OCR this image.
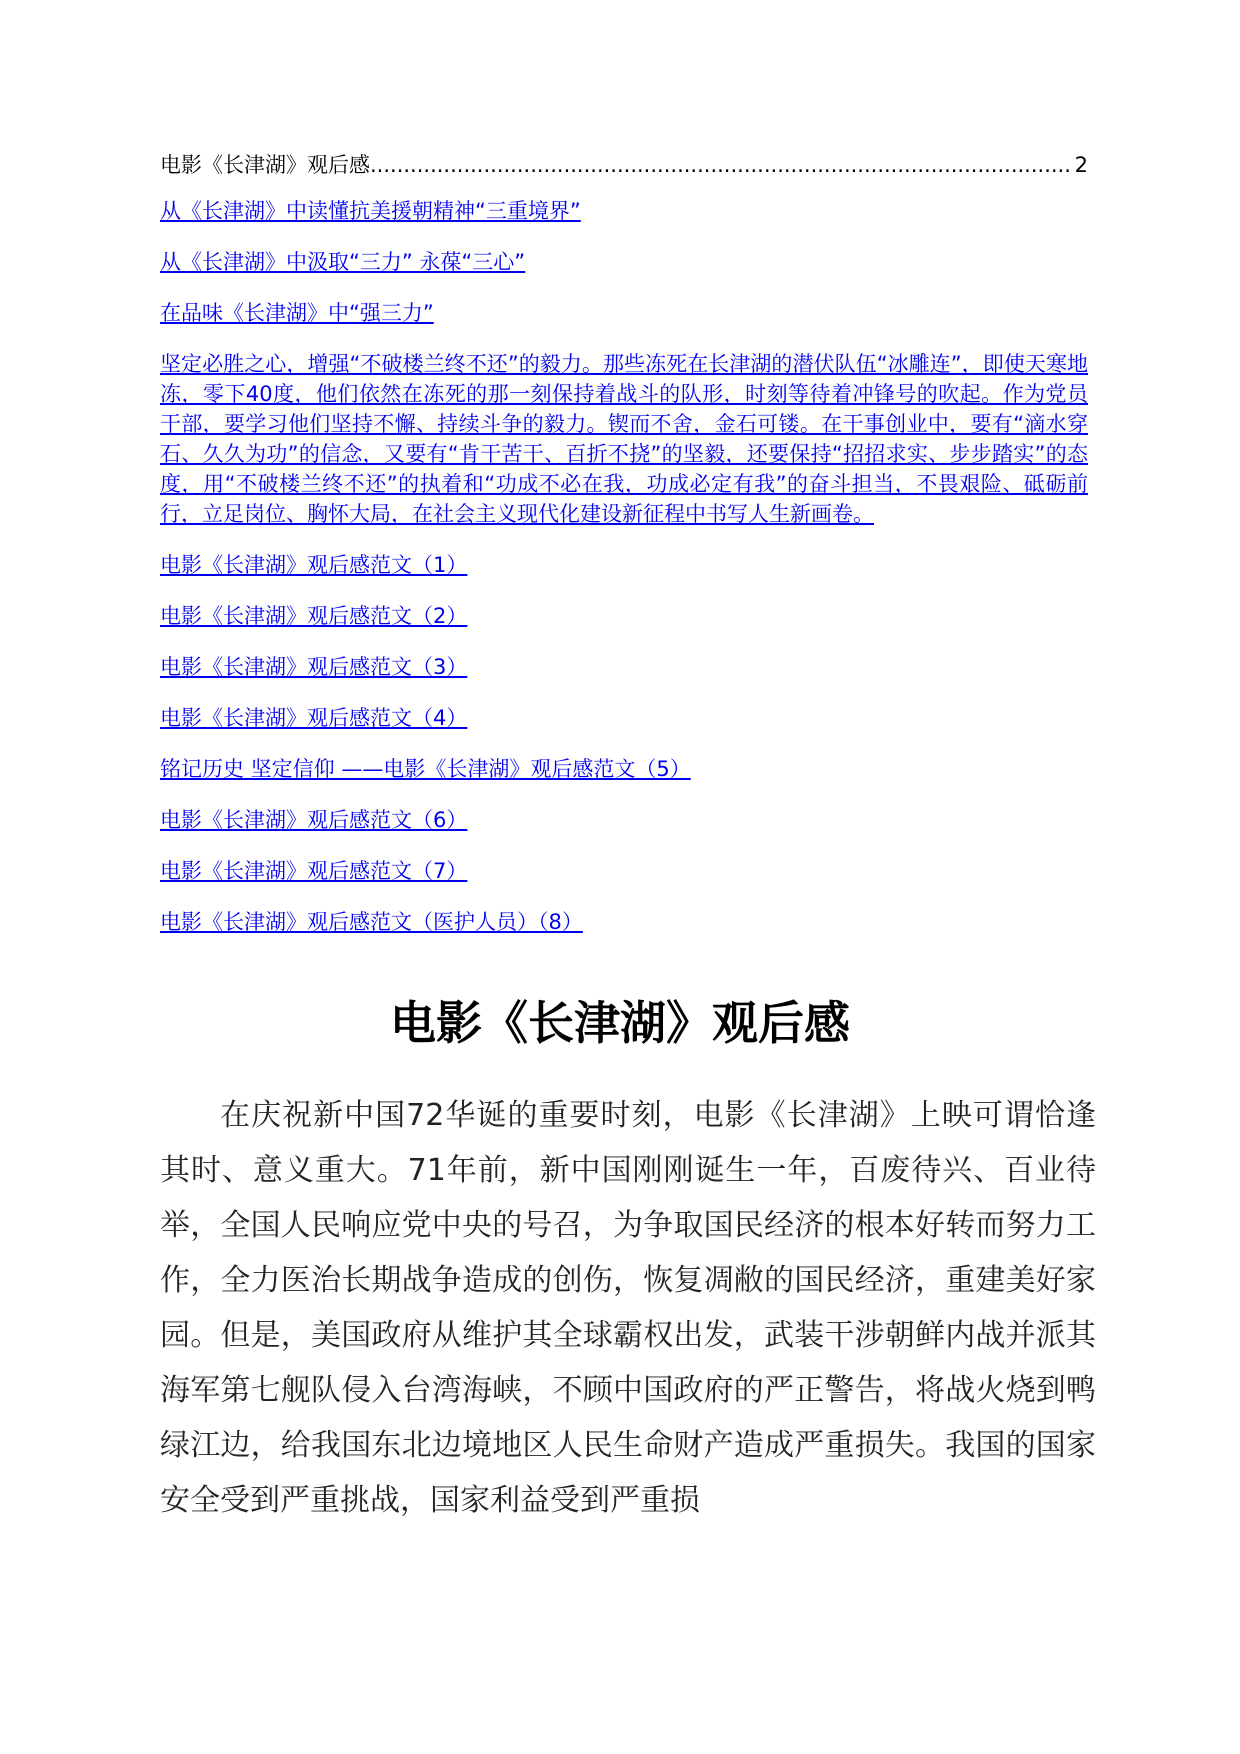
电影《长津湖》观后感
.....	2
从《长津湖》中读懂抗美援朝精神“三重境界”
从《长津湖》中汲取“三力” 永葆“三心”
在品味《长津湖》中“强三力”
坚定必胜之心，增强“不破楼兰终不还”的毅力。那些冻死在长津湖的潜伏队伍“冰雕连”，即使天寒地冻，零下40度，他们依然在冻死的那一刻保持着战斗的队形，时刻等待着冲锋号的吹起。作为党员干部，要学习他们坚持不懈、持续斗争的毅力。锲而不舍，金石可镂。在干事创业中，要有“滴水穿石、久久为功”的信念，又要有“肯干苦干、百折不挠”的坚毅，还要保持“招招求实、步步踏实”的态度，用“不破楼兰终不还”的执着和“功成不必在我，功成必定有我”的奋斗担当，不畏艰险、砥砺前行，立足岗位、胸怀大局，在社会主义现代化建设新征程中书写人生新画卷。
电影《长津湖》观后感范文（1）
电影《长津湖》观后感范文（2）
电影《长津湖》观后感范文（3）
电影《长津湖》观后感范文（4）
铭记历史 坚定信仰 ——电影《长津湖》观后感范文（5）
电影《长津湖》观后感范文（6）
电影《长津湖》观后感范文（7）
电影《长津湖》观后感范文（医护人员）（8）
电影《长津湖》观后感

在庆祝新中国72华诞的重要时刻，电影《长津湖》上映可谓恰逢其时、意义重大。71年前，新中国刚刚诞生一年，百废待兴、百业待举，全国人民响应党中央的号召，为争取国民经济的根本好转而努力工作，全力医治长期战争造成的创伤，恢复凋敝的国民经济，重建美好家园。但是，美国政府从维护其全球霸权出发，武装干涉朝鲜内战并派其海军第七舰队侵入台湾海峡，不顾中国政府的严正警告，将战火烧到鸭绿江边，给我国东北边境地区人民生命财产造成严重损失。我国的国家安全受到严重挑战，国家利益受到严重损
